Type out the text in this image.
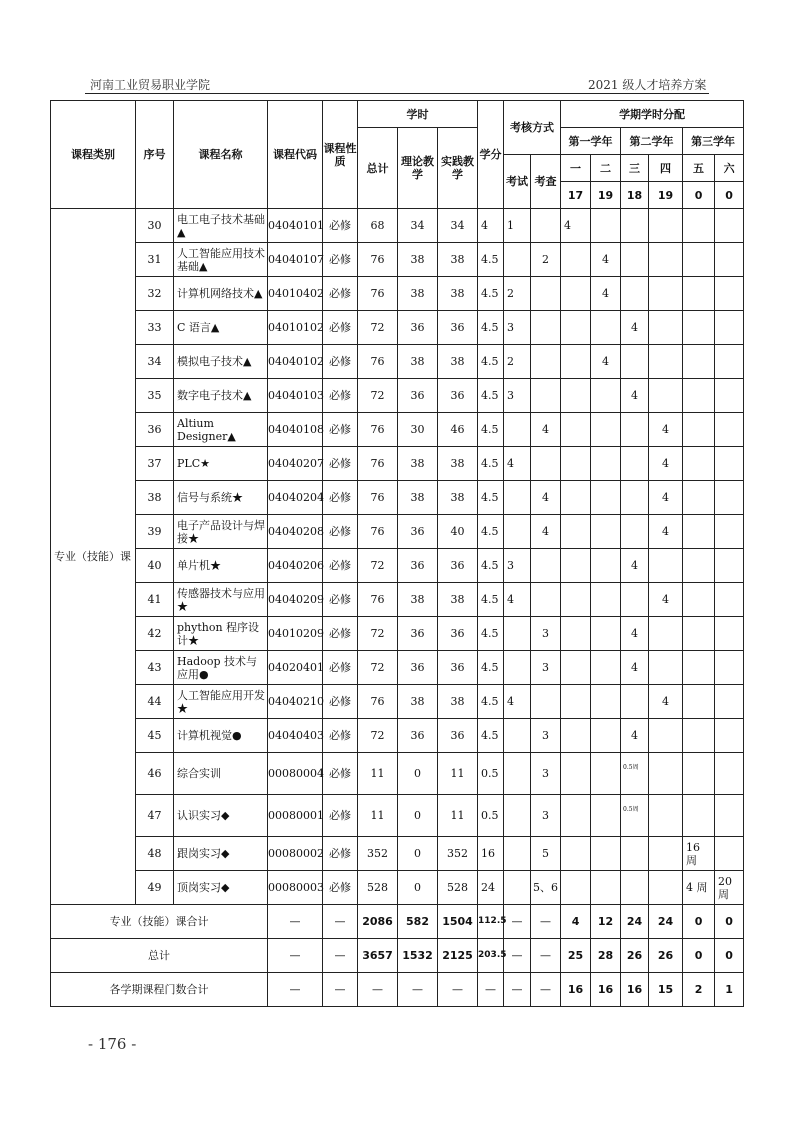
河南工业贸易职业学院	2021 级人才培养方案
课程类别	序号	课程名称	课程代码	课程性质	学时			学分	考核方式		学期学时分配					
					总计	理论教学	实践教学				第一学年		第二学年		第三学年	
									考试	考查	一	二	三	四	五	六
											17	19	18	19	0	0
专业（技能）课	30	电工电子技术基础▲	04040101	必修	68	34	34	4	1		4					
	31	人工智能应用技术基础▲	04040107	必修	76	38	38	4.5		2		4				
	32	计算机网络技术▲	04010402	必修	76	38	38	4.5	2			4				
	33	C 语言▲	04010102	必修	72	36	36	4.5	3				4			
	34	模拟电子技术▲	04040102	必修	76	38	38	4.5	2			4				
	35	数字电子技术▲	04040103	必修	72	36	36	4.5	3				4			
	36	Altium Designer▲	04040108	必修	76	30	46	4.5		4				4		
	37	PLC★	04040207	必修	76	38	38	4.5	4					4		
	38	信号与系统★	04040204	必修	76	38	38	4.5		4				4		
	39	电子产品设计与焊接★	04040208	必修	76	36	40	4.5		4				4		
	40	单片机★	04040206	必修	72	36	36	4.5	3				4			
	41	传感器技术与应用★	04040209	必修	76	38	38	4.5	4					4		
	42	phython 程序设计★	04010209	必修	72	36	36	4.5		3			4			
	43	Hadoop 技术与应用●	04020401	必修	72	36	36	4.5		3			4			
	44	人工智能应用开发★	04040210	必修	76	38	38	4.5	4					4		
	45	计算机视觉●	04040403	必修	72	36	36	4.5		3			4			
	46	综合实训	00080004	必修	11	0	11	0.5		3			0.5周			
	47	认识实习◆	00080001	必修	11	0	11	0.5		3			0.5周			
	48	跟岗实习◆	00080002	必修	352	0	352	16		5					16 周	
	49	顶岗实习◆	00080003	必修	528	0	528	24		5、6					4 周	20 周
专业（技能）课合计			—	—	2086	582	1504	112.5	—	—	4	12	24	24	0	0
总计			—	—	3657	1532	2125	203.5	—	—	25	28	26	26	0	0
各学期课程门数合计			—	—	—	—	—	—	—	—	16	16	16	15	2	1
- 176 -
